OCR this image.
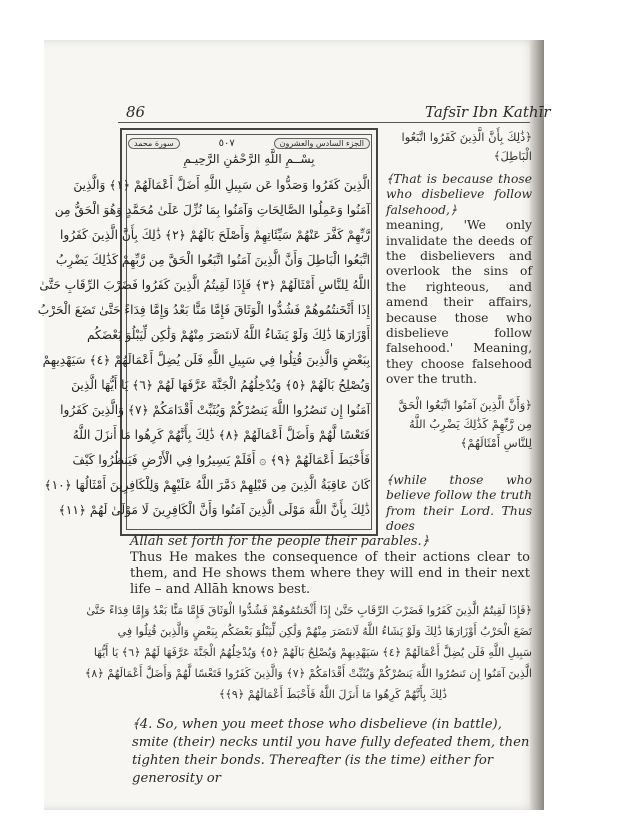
86	Tafsīr Ibn Kathīr
سورة محمد	٥٠٧	الجزء السادس والعشرون
بِسْــمِ اللَّهِ الرَّحْمَٰنِ الرَّحِيـمِ
الَّذِينَ كَفَرُوا وَصَدُّوا عَن سَبِيلِ اللَّهِ أَضَلَّ أَعْمَالَهُمْ ﴿١﴾ وَالَّذِينَ
آمَنُوا وَعَمِلُوا الصَّالِحَاتِ وَآمَنُوا بِمَا نُزِّلَ عَلَىٰ مُحَمَّدٍ وَهُوَ الْحَقُّ مِن
رَّبِّهِمْ كَفَّرَ عَنْهُمْ سَيِّئَاتِهِمْ وَأَصْلَحَ بَالَهُمْ ﴿٢﴾ ذَٰلِكَ بِأَنَّ الَّذِينَ كَفَرُوا
اتَّبَعُوا الْبَاطِلَ وَأَنَّ الَّذِينَ آمَنُوا اتَّبَعُوا الْحَقَّ مِن رَّبِّهِمْ كَذَٰلِكَ يَضْرِبُ
اللَّهُ لِلنَّاسِ أَمْثَالَهُمْ ﴿٣﴾ فَإِذَا لَقِيتُمُ الَّذِينَ كَفَرُوا فَضَرْبَ الرِّقَابِ حَتَّىٰ
إِذَا أَثْخَنتُمُوهُمْ فَشُدُّوا الْوَثَاقَ فَإِمَّا مَنًّا بَعْدُ وَإِمَّا فِدَاءً حَتَّىٰ تَضَعَ الْحَرْبُ
أَوْزَارَهَا ذَٰلِكَ وَلَوْ يَشَاءُ اللَّهُ لَانتَصَرَ مِنْهُمْ وَلَٰكِن لِّيَبْلُوَ بَعْضَكُم
بِبَعْضٍ وَالَّذِينَ قُتِلُوا فِي سَبِيلِ اللَّهِ فَلَن يُضِلَّ أَعْمَالَهُمْ ﴿٤﴾ سَيَهْدِيهِمْ
وَيُصْلِحُ بَالَهُمْ ﴿٥﴾ وَيُدْخِلُهُمُ الْجَنَّةَ عَرَّفَهَا لَهُمْ ﴿٦﴾ يَا أَيُّهَا الَّذِينَ
آمَنُوا إِن تَنصُرُوا اللَّهَ يَنصُرْكُمْ وَيُثَبِّتْ أَقْدَامَكُمْ ﴿٧﴾ وَالَّذِينَ كَفَرُوا
فَتَعْسًا لَّهُمْ وَأَضَلَّ أَعْمَالَهُمْ ﴿٨﴾ ذَٰلِكَ بِأَنَّهُمْ كَرِهُوا مَا أَنزَلَ اللَّهُ
فَأَحْبَطَ أَعْمَالَهُمْ ﴿٩﴾ ۞ أَفَلَمْ يَسِيرُوا فِي الْأَرْضِ فَيَنظُرُوا كَيْفَ
كَانَ عَاقِبَةُ الَّذِينَ مِن قَبْلِهِمْ دَمَّرَ اللَّهُ عَلَيْهِمْ وَلِلْكَافِرِينَ أَمْثَالُهَا ﴿١٠﴾
ذَٰلِكَ بِأَنَّ اللَّهَ مَوْلَى الَّذِينَ آمَنُوا وَأَنَّ الْكَافِرِينَ لَا مَوْلَىٰ لَهُمْ ﴿١١﴾
﴿ذَٰلِكَ بِأَنَّ الَّذِينَ كَفَرُوا اتَّبَعُوا الْبَاطِلَ﴾
﴾That is because those who disbelieve follow falsehood,﴿
meaning, 'We only invalidate the deeds of the disbelievers and overlook the sins of the righteous, and amend their affairs, because those who disbelieve follow falsehood.' Meaning, they choose falsehood over the truth.
﴿وَأَنَّ الَّذِينَ آمَنُوا اتَّبَعُوا الْحَقَّ مِن رَّبِّهِمْ كَذَٰلِكَ يَضْرِبُ اللَّهُ لِلنَّاسِ أَمْثَالَهُمْ﴾
﴾while those who believe follow the truth from their Lord. Thus does

Allāh set forth for the people their parables.﴿

Thus He makes the consequence of their actions clear to them, and He shows them where they will end in their next life – and Allāh knows best.

﴿فَإِذَا لَقِيتُمُ الَّذِينَ كَفَرُوا فَضَرْبَ الرِّقَابِ حَتَّىٰ إِذَا أَثْخَنتُمُوهُمْ فَشُدُّوا الْوَثَاقَ فَإِمَّا مَنًّا بَعْدُ وَإِمَّا فِدَاءً حَتَّىٰ
تَضَعَ الْحَرْبُ أَوْزَارَهَا ذَٰلِكَ وَلَوْ يَشَاءُ اللَّهُ لَانتَصَرَ مِنْهُمْ وَلَٰكِن لِّيَبْلُوَ بَعْضَكُم بِبَعْضٍ وَالَّذِينَ قُتِلُوا فِي
سَبِيلِ اللَّهِ فَلَن يُضِلَّ أَعْمَالَهُمْ ﴿٤﴾ سَيَهْدِيهِمْ وَيُصْلِحُ بَالَهُمْ ﴿٥﴾ وَيُدْخِلُهُمُ الْجَنَّةَ عَرَّفَهَا لَهُمْ ﴿٦﴾ يَا أَيُّهَا
الَّذِينَ آمَنُوا إِن تَنصُرُوا اللَّهَ يَنصُرْكُمْ وَيُثَبِّتْ أَقْدَامَكُمْ ﴿٧﴾ وَالَّذِينَ كَفَرُوا فَتَعْسًا لَّهُمْ وَأَضَلَّ أَعْمَالَهُمْ ﴿٨﴾
ذَٰلِكَ بِأَنَّهُمْ كَرِهُوا مَا أَنزَلَ اللَّهُ فَأَحْبَطَ أَعْمَالَهُمْ ﴿٩﴾﴾
﴾4. So, when you meet those who disbelieve (in battle), smite (their) necks until you have fully defeated them, then tighten their bonds. Thereafter (is the time) either for generosity or
